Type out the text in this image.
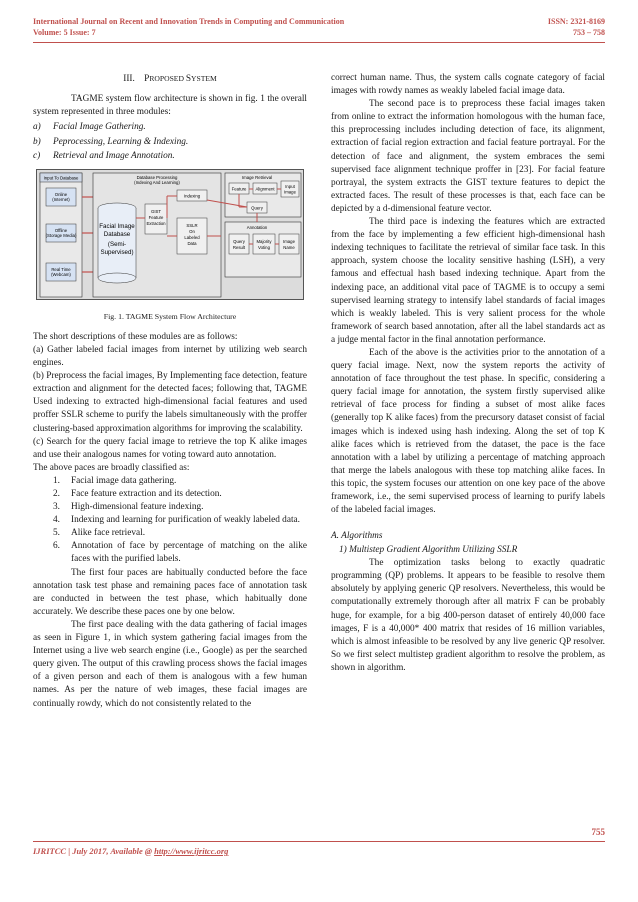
International Journal on Recent and Innovation Trends in Computing and Communication
Volume: 5 Issue: 7
ISSN: 2321-8169
753 – 758
III. PROPOSED SYSTEM

TAGME system flow architecture is shown in fig. 1 the overall system represented in three modules:

a)	Facial Image Gathering.
b)	Peprocessing, Learning & Indexing.
c)	Retrieval and Image Annotation.
Input To Database
Online
(Internet)
Offline
(Storage Media)
Real Time
(Webcam)
Database Processing
(Indexing And Learning)
Facial Image
Database
(Semi-
Supervised)
GIST
Feature
Extraction
Indexing
SSLR
On
Labeled
Data
Image Retrieval
Feature Alignment Input
Image
Query
Annotation
Query
Result
Majority
Voting
Image
Name
Fig. 1. TAGME System Flow Architecture

The short descriptions of these modules are as follows:

(a) Gather labeled facial images from internet by utilizing web search engines.

(b) Preprocess the facial images, By Implementing face detection, feature extraction and alignment for the detected faces; following that, TAGME Used indexing to extracted high-dimensional facial features and used proffer SSLR scheme to purify the labels simultaneously with the proffer clustering-based approximation algorithms for improving the scalability.

(c) Search for the query facial image to retrieve the top K alike images and use their analogous names for voting toward auto annotation.

The above paces are broadly classified as:

1. Facial image data gathering.
2. Face feature extraction and its detection.
3. High-dimensional feature indexing.
4. Indexing and learning for purification of weakly labeled data.
5. Alike face retrieval.
6. Annotation of face by percentage of matching on the alike faces with the purified labels.

The first four paces are habitually conducted before the face annotation task test phase and remaining paces face of annotation task are conducted in between the test phase, which habitually done accurately. We describe these paces one by one below.

The first pace dealing with the data gathering of facial images as seen in Figure 1, in which system gathering facial images from the Internet using a live web search engine (i.e., Google) as per the searched query given. The output of this crawling process shows the facial images of a given person and each of them is analogous with a few human names. As per the nature of web images, these facial images are continually rowdy, which do not consistently related to the

correct human name. Thus, the system calls cognate category of facial images with rowdy names as weakly labeled facial image data.

The second pace is to preprocess these facial images taken from online to extract the information homologous with the human face, this preprocessing includes including detection of face, its alignment, extraction of facial region extraction and facial feature portrayal. For the detection of face and alignment, the system embraces the semi supervised face alignment technique proffer in [23]. For facial feature portrayal, the system extracts the GIST texture features to depict the extracted faces. The result of these processes is that, each face can be depicted by a d-dimensional feature vector.

The third pace is indexing the features which are extracted from the face by implementing a few efficient high-dimensional hash indexing techniques to facilitate the retrieval of similar face task. In this approach, system choose the locality sensitive hashing (LSH), a very famous and effectual hash based indexing technique. Apart from the indexing pace, an additional vital pace of TAGME is to occupy a semi supervised learning strategy to intensify label standards of facial images which is weakly labeled. This is very salient process for the whole framework of search based annotation, after all the label standards act as a judge mental factor in the final annotation performance.

Each of the above is the activities prior to the annotation of a query facial image. Next, now the system reports the activity of annotation of face throughout the test phase. In specific, considering a query facial image for annotation, the system firstly supervised alike retrieval of face process for finding a subset of most alike faces (generally top K alike faces) from the precursory dataset consist of facial images which is indexed using hash indexing. Along the set of top K alike faces which is retrieved from the dataset, the pace is the face annotation with a label by utilizing a percentage of matching approach that merge the labels analogous with these top matching alike faces. In this topic, the system focuses our attention on one key pace of the above framework, i.e., the semi supervised process of learning to purify labels of the labeled facial images.

A. Algorithms
1) Multistep Gradient Algorithm Utilizing SSLR

The optimization tasks belong to exactly quadratic programming (QP) problems. It appears to be feasible to resolve them absolutely by applying generic QP resolvers. Nevertheless, this would be computationally extremely thorough after all matrix F can be probably huge, for example, for a big 400-person dataset of entirely 40,000 face images, F is a 40,000* 400 matrix that resides of 16 million variables, which is almost infeasible to be resolved by any live generic QP resolver. So we first select multistep gradient algorithm to resolve the problem, as shown in algorithm.

755
IJRITCC | July 2017, Available @ http://www.ijritcc.org
